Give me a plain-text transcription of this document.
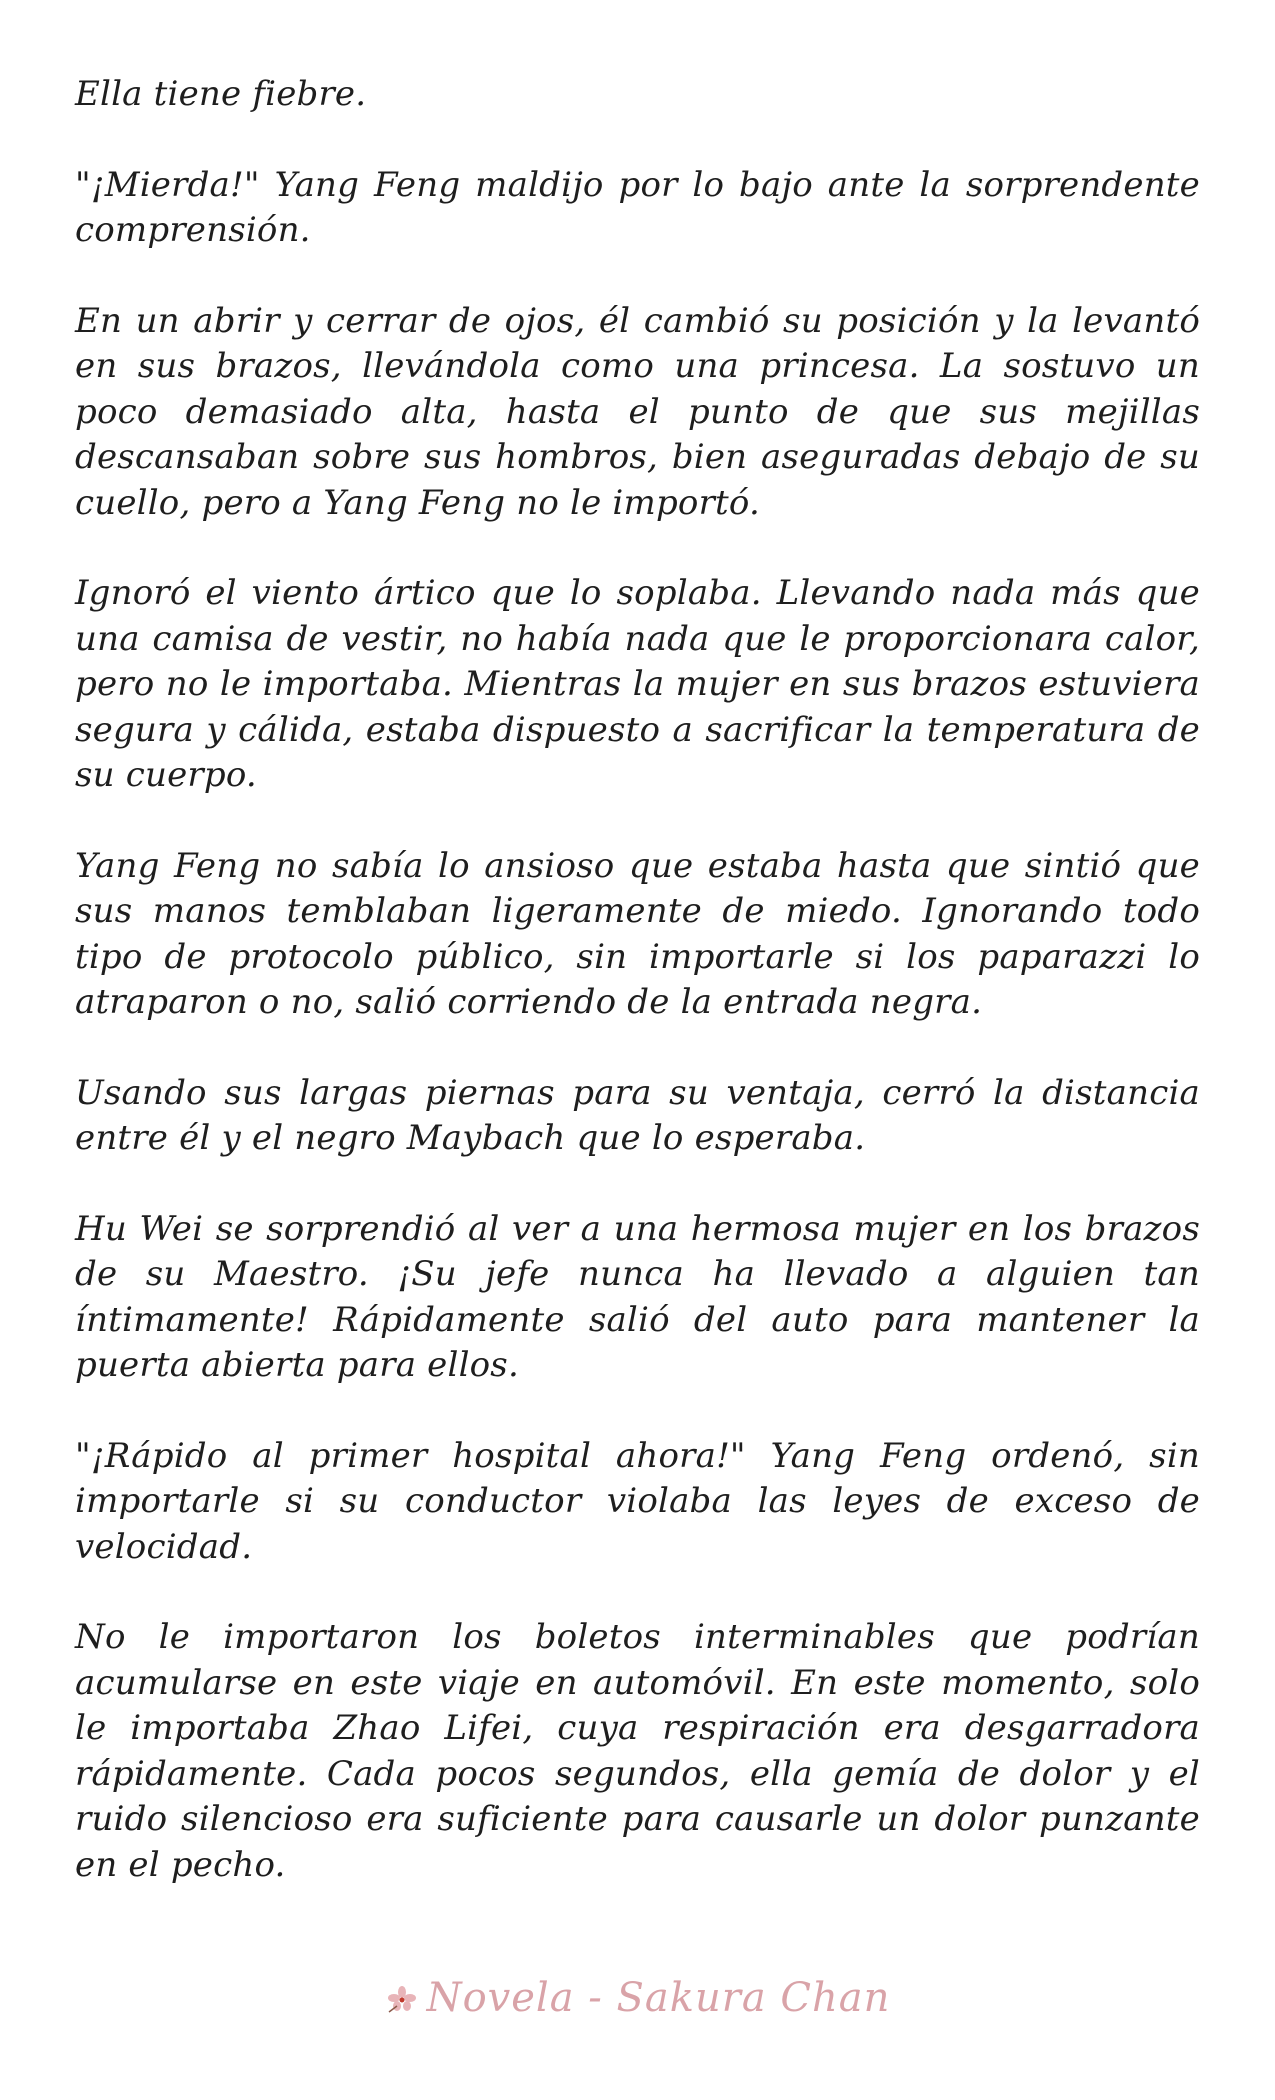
Ella tiene fiebre.

"¡Mierda!" Yang Feng maldijo por lo bajo ante la sorprendente comprensión.

En un abrir y cerrar de ojos, él cambió su posición y la levantó en sus brazos, llevándola como una princesa. La sostuvo un poco demasiado alta, hasta el punto de que sus mejillas descansaban sobre sus hombros, bien aseguradas debajo de su cuello, pero a Yang Feng no le importó.

Ignoró el viento ártico que lo soplaba. Llevando nada más que una camisa de vestir, no había nada que le proporcionara calor, pero no le importaba. Mientras la mujer en sus brazos estuviera segura y cálida, estaba dispuesto a sacrificar la temperatura de su cuerpo.

Yang Feng no sabía lo ansioso que estaba hasta que sintió que sus manos temblaban ligeramente de miedo. Ignorando todo tipo de protocolo público, sin importarle si los paparazzi lo atraparon o no, salió corriendo de la entrada negra.

Usando sus largas piernas para su ventaja, cerró la distancia entre él y el negro Maybach que lo esperaba.

Hu Wei se sorprendió al ver a una hermosa mujer en los brazos de su Maestro. ¡Su jefe nunca ha llevado a alguien tan íntimamente! Rápidamente salió del auto para mantener la puerta abierta para ellos.

"¡Rápido al primer hospital ahora!" Yang Feng ordenó, sin importarle si su conductor violaba las leyes de exceso de velocidad.

No le importaron los boletos interminables que podrían acumularse en este viaje en automóvil. En este momento, solo le importaba Zhao Lifei, cuya respiración era desgarradora rápidamente. Cada pocos segundos, ella gemía de dolor y el ruido silencioso era suficiente para causarle un dolor punzante en el pecho.

Novela - Sakura Chan
